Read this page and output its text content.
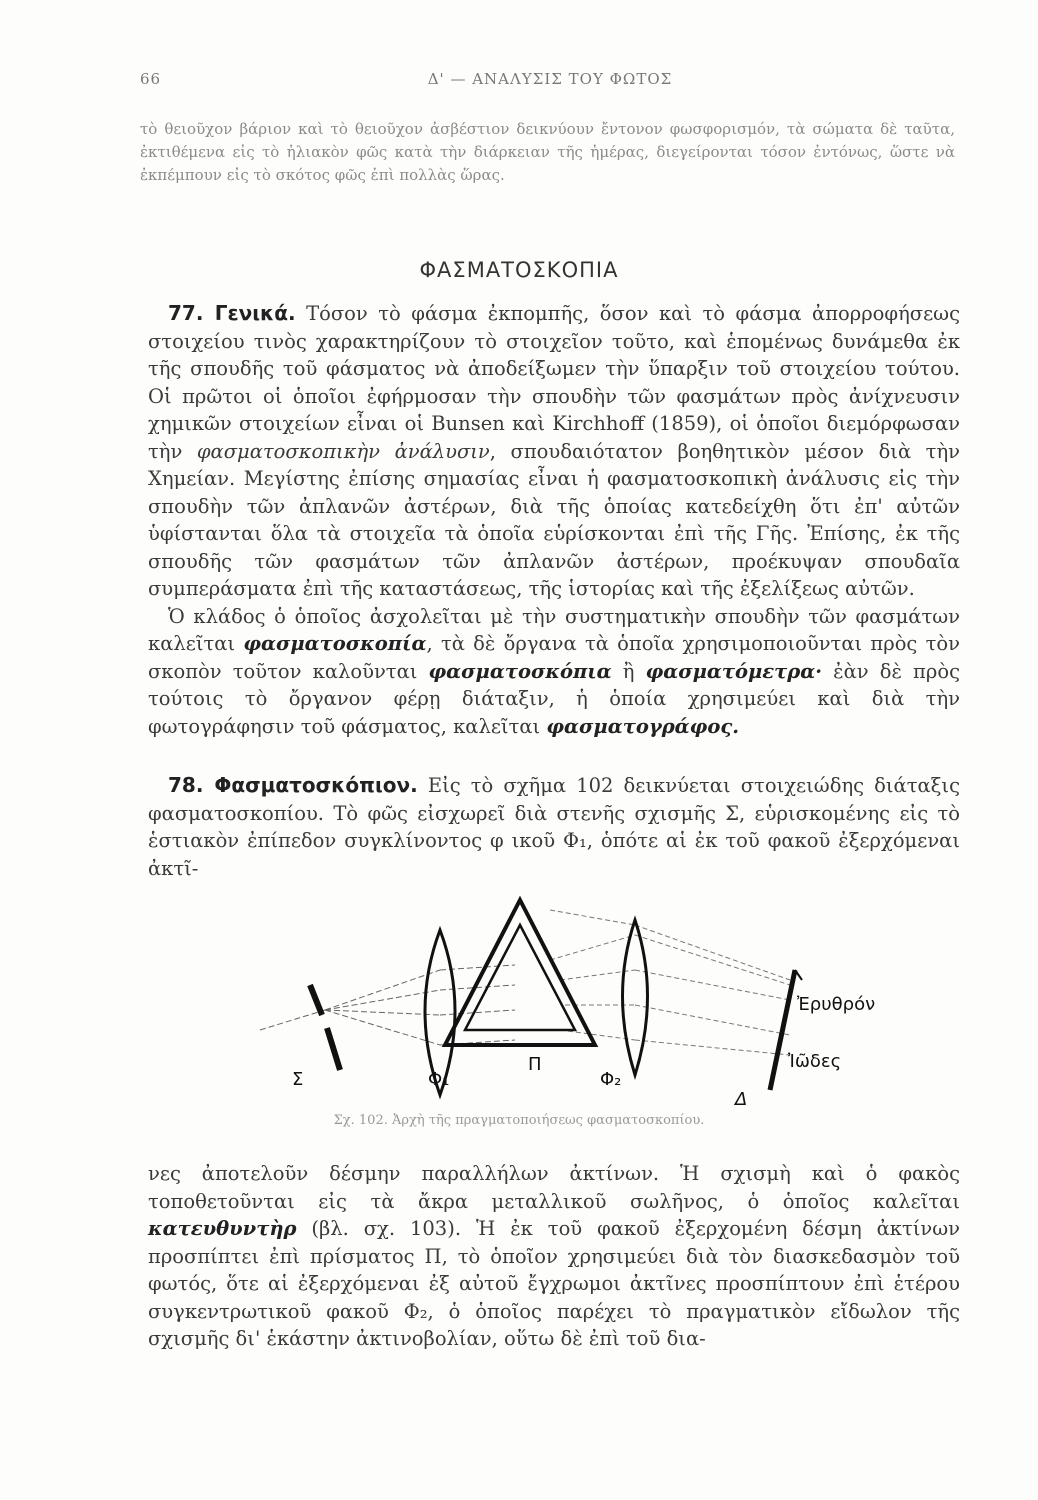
66	Δ' — ΑΝΑΛΥΣΙΣ ΤΟΥ ΦΩΤΟΣ
τὸ θειοῦχον βάριον καὶ τὸ θειοῦχον ἀσβέστιον δεικνύουν ἔντονον φωσφορισμόν, τὰ σώματα δὲ ταῦτα, ἐκτιθέμενα εἰς τὸ ἡλιακὸν φῶς κατὰ τὴν διάρκειαν τῆς ἡμέρας, διεγείρονται τόσον ἐντόνως, ὥστε νὰ ἐκπέμπουν εἰς τὸ σκότος φῶς ἐπὶ πολλὰς ὥρας.
ΦΑΣΜΑΤΟΣΚΟΠΙΑ

77. Γενικά. Τόσον τὸ φάσμα ἐκπομπῆς, ὅσον καὶ τὸ φάσμα ἀπορροφήσεως στοιχείου τινὸς χαρακτηρίζουν τὸ στοιχεῖον τοῦτο, καὶ ἑπομένως δυνάμεθα ἐκ τῆς σπουδῆς τοῦ φάσματος νὰ ἀποδείξωμεν τὴν ὕπαρξιν τοῦ στοιχείου τούτου. Οἱ πρῶτοι οἱ ὁποῖοι ἐφήρμοσαν τὴν σπουδὴν τῶν φασμάτων πρὸς ἀνίχνευσιν χημικῶν στοιχείων εἶναι οἱ Bunsen καὶ Kirchhoff (1859), οἱ ὁποῖοι διεμόρφωσαν τὴν φασματοσκοπικὴν ἀνάλυσιν, σπουδαιότατον βοηθητικὸν μέσον διὰ τὴν Χημείαν. Μεγίστης ἐπίσης σημασίας εἶναι ἡ φασματοσκοπικὴ ἀνάλυσις εἰς τὴν σπουδὴν τῶν ἀπλανῶν ἀστέρων, διὰ τῆς ὁποίας κατεδείχθη ὅτι ἐπ' αὐτῶν ὑφίστανται ὅλα τὰ στοιχεῖα τὰ ὁποῖα εὑρίσκονται ἐπὶ τῆς Γῆς. Ἐπίσης, ἐκ τῆς σπουδῆς τῶν φασμάτων τῶν ἀπλανῶν ἀστέρων, προέκυψαν σπουδαῖα συμπεράσματα ἐπὶ τῆς καταστάσεως, τῆς ἱστορίας καὶ τῆς ἐξελίξεως αὐτῶν.

Ὁ κλάδος ὁ ὁποῖος ἀσχολεῖται μὲ τὴν συστηματικὴν σπουδὴν τῶν φασμάτων καλεῖται φασματοσκοπία, τὰ δὲ ὄργανα τὰ ὁποῖα χρησιμοποιοῦνται πρὸς τὸν σκοπὸν τοῦτον καλοῦνται φασματοσκόπια ἢ φασματόμετρα· ἐὰν δὲ πρὸς τούτοις τὸ ὄργανον φέρῃ διάταξιν, ἡ ὁποία χρησιμεύει καὶ διὰ τὴν φωτογράφησιν τοῦ φάσματος, καλεῖται φασματογράφος.

78. Φασματοσκόπιον. Εἰς τὸ σχῆμα 102 δεικνύεται στοιχειώδης διάταξις φασματοσκοπίου. Τὸ φῶς εἰσχωρεῖ διὰ στενῆς σχισμῆς Σ, εὑρισκομένης εἰς τὸ ἑστιακὸν ἐπίπεδον συγκλίνοντος φ ικοῦ Φ₁, ὁπότε αἱ ἐκ τοῦ φακοῦ ἐξερχόμεναι ἀκτῖ-

Σ	Φ₁
Π
Φ₂
Δ
Ἐρυθρόν
Ἰῶδες
Σχ. 102. Ἀρχὴ τῆς πραγματοποιήσεως φασματοσκοπίου.

νες ἀποτελοῦν δέσμην παραλλήλων ἀκτίνων. Ἡ σχισμὴ καὶ ὁ φακὸς τοποθετοῦνται εἰς τὰ ἄκρα μεταλλικοῦ σωλῆνος, ὁ ὁποῖος καλεῖται κατευθυντὴρ (βλ. σχ. 103). Ἡ ἐκ τοῦ φακοῦ ἐξερχομένη δέσμη ἀκτίνων προσπίπτει ἐπὶ πρίσματος Π, τὸ ὁποῖον χρησιμεύει διὰ τὸν διασκεδασμὸν τοῦ φωτός, ὅτε αἱ ἐξερχόμεναι ἐξ αὐτοῦ ἔγχρωμοι ἀκτῖνες προσπίπτουν ἐπὶ ἑτέρου συγκεντρωτικοῦ φακοῦ Φ₂, ὁ ὁποῖος παρέχει τὸ πραγματικὸν εἴδωλον τῆς σχισμῆς δι' ἑκάστην ἀκτινοβολίαν, οὕτω δὲ ἐπὶ τοῦ δια-
